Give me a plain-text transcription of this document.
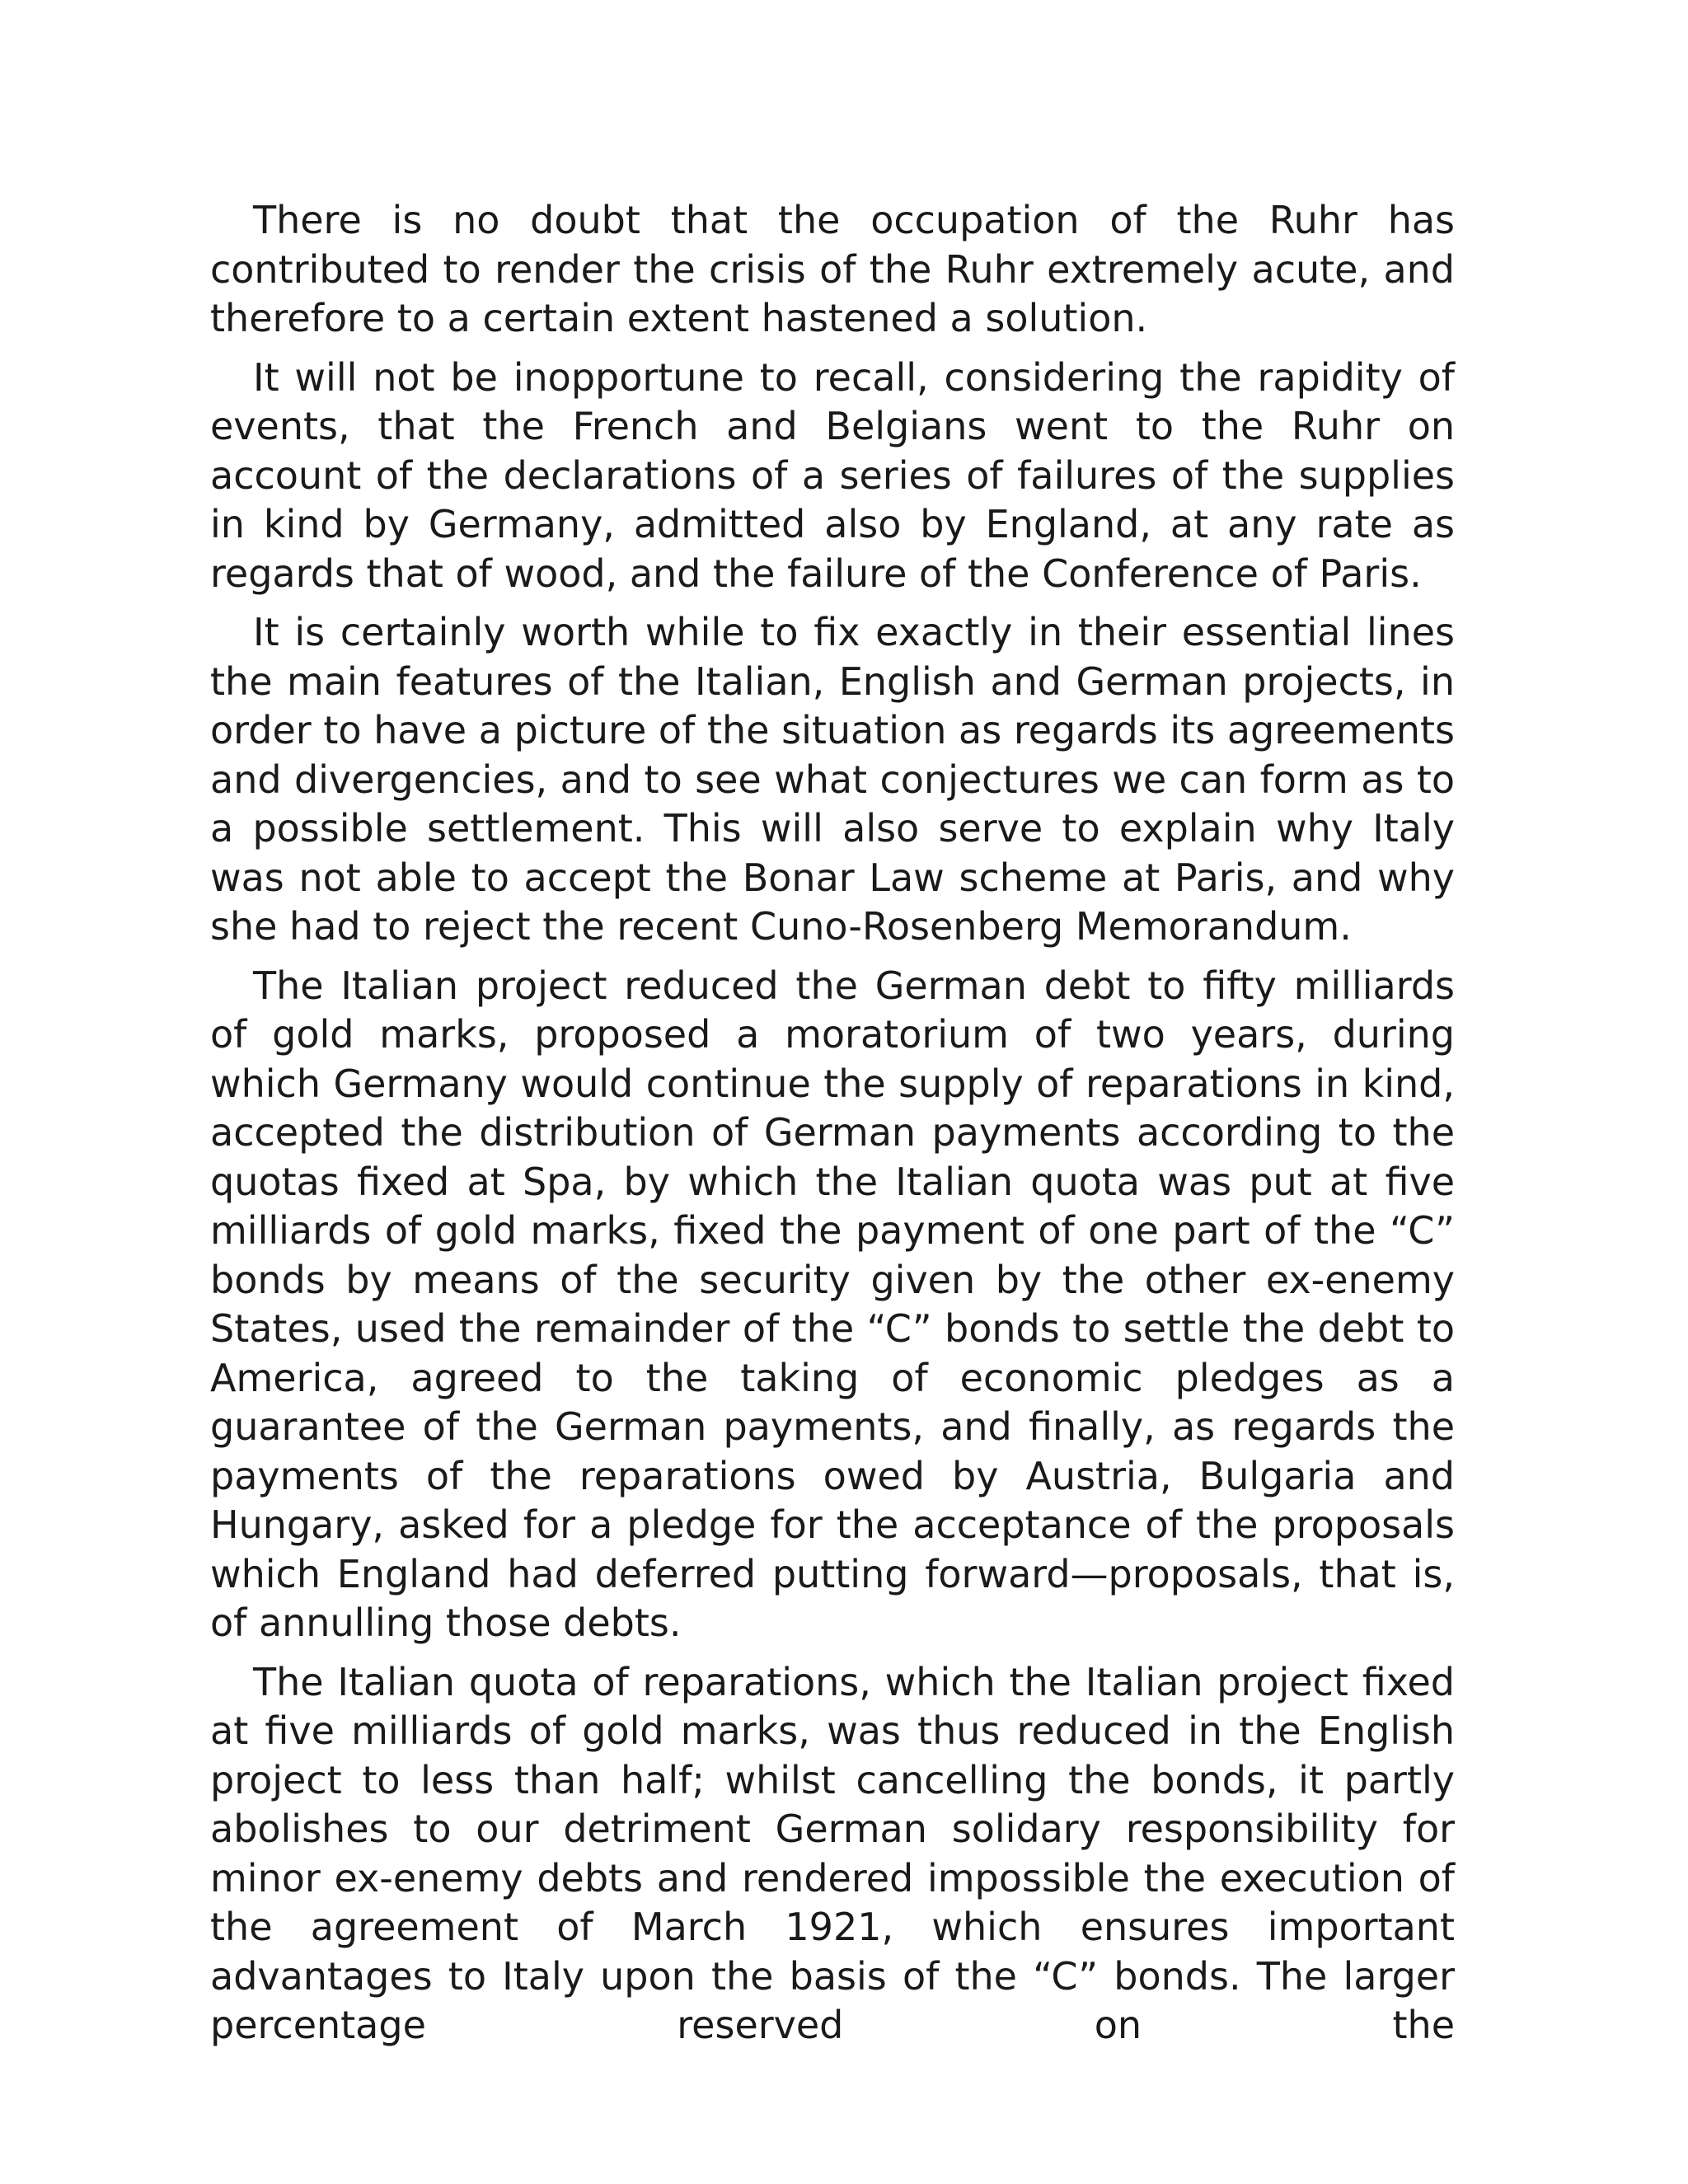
There is no doubt that the occupation of the Ruhr has contributed to render the crisis of the Ruhr extremely acute, and therefore to a certain extent hastened a solution.

It will not be inopportune to recall, considering the rapidity of events, that the French and Belgians went to the Ruhr on account of the declarations of a series of failures of the supplies in kind by Germany, admitted also by England, at any rate as regards that of wood, and the failure of the Conference of Paris.

It is certainly worth while to fix exactly in their essential lines the main features of the Italian, English and German projects, in order to have a picture of the situation as regards its agreements and divergencies, and to see what conjectures we can form as to a possible settlement. This will also serve to explain why Italy was not able to accept the Bonar Law scheme at Paris, and why she had to reject the recent Cuno-Rosenberg Memorandum.

The Italian project reduced the German debt to fifty milliards of gold marks, proposed a moratorium of two years, during which Germany would continue the supply of reparations in kind, accepted the distribution of German payments according to the quotas fixed at Spa, by which the Italian quota was put at five milliards of gold marks, fixed the payment of one part of the “C” bonds by means of the security given by the other ex-enemy States, used the remainder of the “C” bonds to settle the debt to America, agreed to the taking of economic pledges as a guarantee of the German payments, and finally, as regards the payments of the reparations owed by Austria, Bulgaria and Hungary, asked for a pledge for the acceptance of the proposals which England had deferred putting forward—proposals, that is, of annulling those debts.

The Italian quota of reparations, which the Italian project fixed at five milliards of gold marks, was thus reduced in the English project to less than half; whilst cancelling the bonds, it partly abolishes to our detriment German solidary responsibility for minor ex-enemy debts and rendered impossible the execution of the agreement of March 1921, which ensures important advantages to Italy upon the basis of the “C” bonds. The larger percentage reserved on the
